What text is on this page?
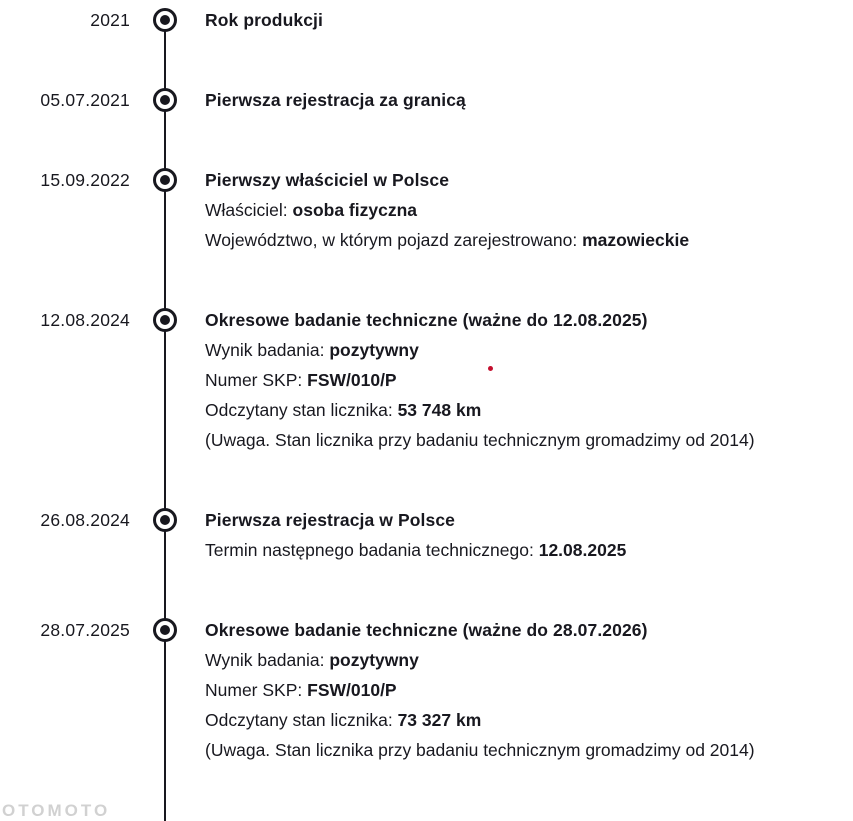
2021	Rok produkcji
05.07.2021	Pierwsza rejestracja za granicą
15.09.2022	Pierwszy właściciel w Polsce
Właściciel: osoba fizyczna
Województwo, w którym pojazd zarejestrowano: mazowieckie
12.08.2024	Okresowe badanie techniczne (ważne do 12.08.2025)
Wynik badania: pozytywny
Numer SKP: FSW/010/P
Odczytany stan licznika: 53 748 km
(Uwaga. Stan licznika przy badaniu technicznym gromadzimy od 2014)
26.08.2024	Pierwsza rejestracja w Polsce
Termin następnego badania technicznego: 12.08.2025
28.07.2025	Okresowe badanie techniczne (ważne do 28.07.2026)
Wynik badania: pozytywny
Numer SKP: FSW/010/P
Odczytany stan licznika: 73 327 km
(Uwaga. Stan licznika przy badaniu technicznym gromadzimy od 2014)
OTOMOTO
